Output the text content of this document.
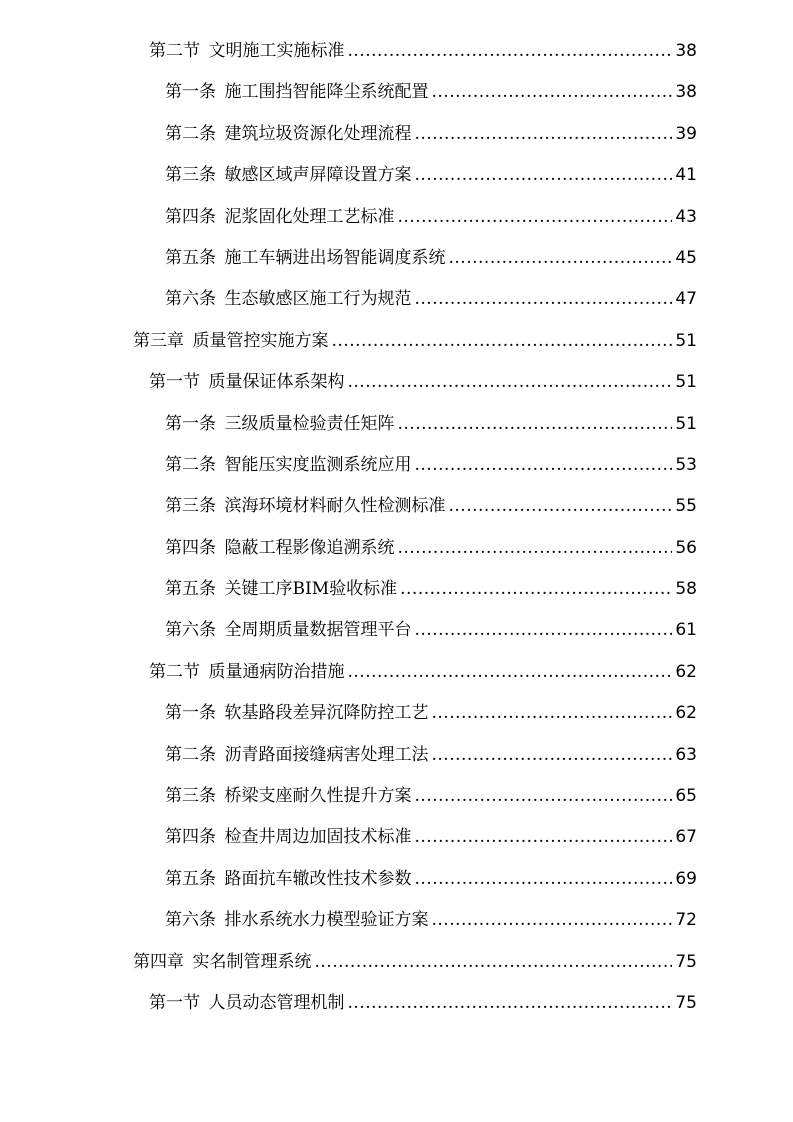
第二节 文明施工实施标准 .....	38
第一条 施工围挡智能降尘系统配置 .....	38
第二条 建筑垃圾资源化处理流程 .....	39
第三条 敏感区域声屏障设置方案 .....	41
第四条 泥浆固化处理工艺标准 .....	43
第五条 施工车辆进出场智能调度系统 .....	45
第六条 生态敏感区施工行为规范 .....	47
第三章 质量管控实施方案 .....	51
第一节 质量保证体系架构 .....	51
第一条 三级质量检验责任矩阵 .....	51
第二条 智能压实度监测系统应用 .....	53
第三条 滨海环境材料耐久性检测标准 .....	55
第四条 隐蔽工程影像追溯系统 .....	56
第五条 关键工序BIM验收标准 .....	58
第六条 全周期质量数据管理平台 .....	61
第二节 质量通病防治措施 .....	62
第一条 软基路段差异沉降防控工艺 .....	62
第二条 沥青路面接缝病害处理工法 .....	63
第三条 桥梁支座耐久性提升方案 .....	65
第四条 检查井周边加固技术标准 .....	67
第五条 路面抗车辙改性技术参数 .....	69
第六条 排水系统水力模型验证方案 .....	72
第四章 实名制管理系统 .....	75
第一节 人员动态管理机制 .....	75
